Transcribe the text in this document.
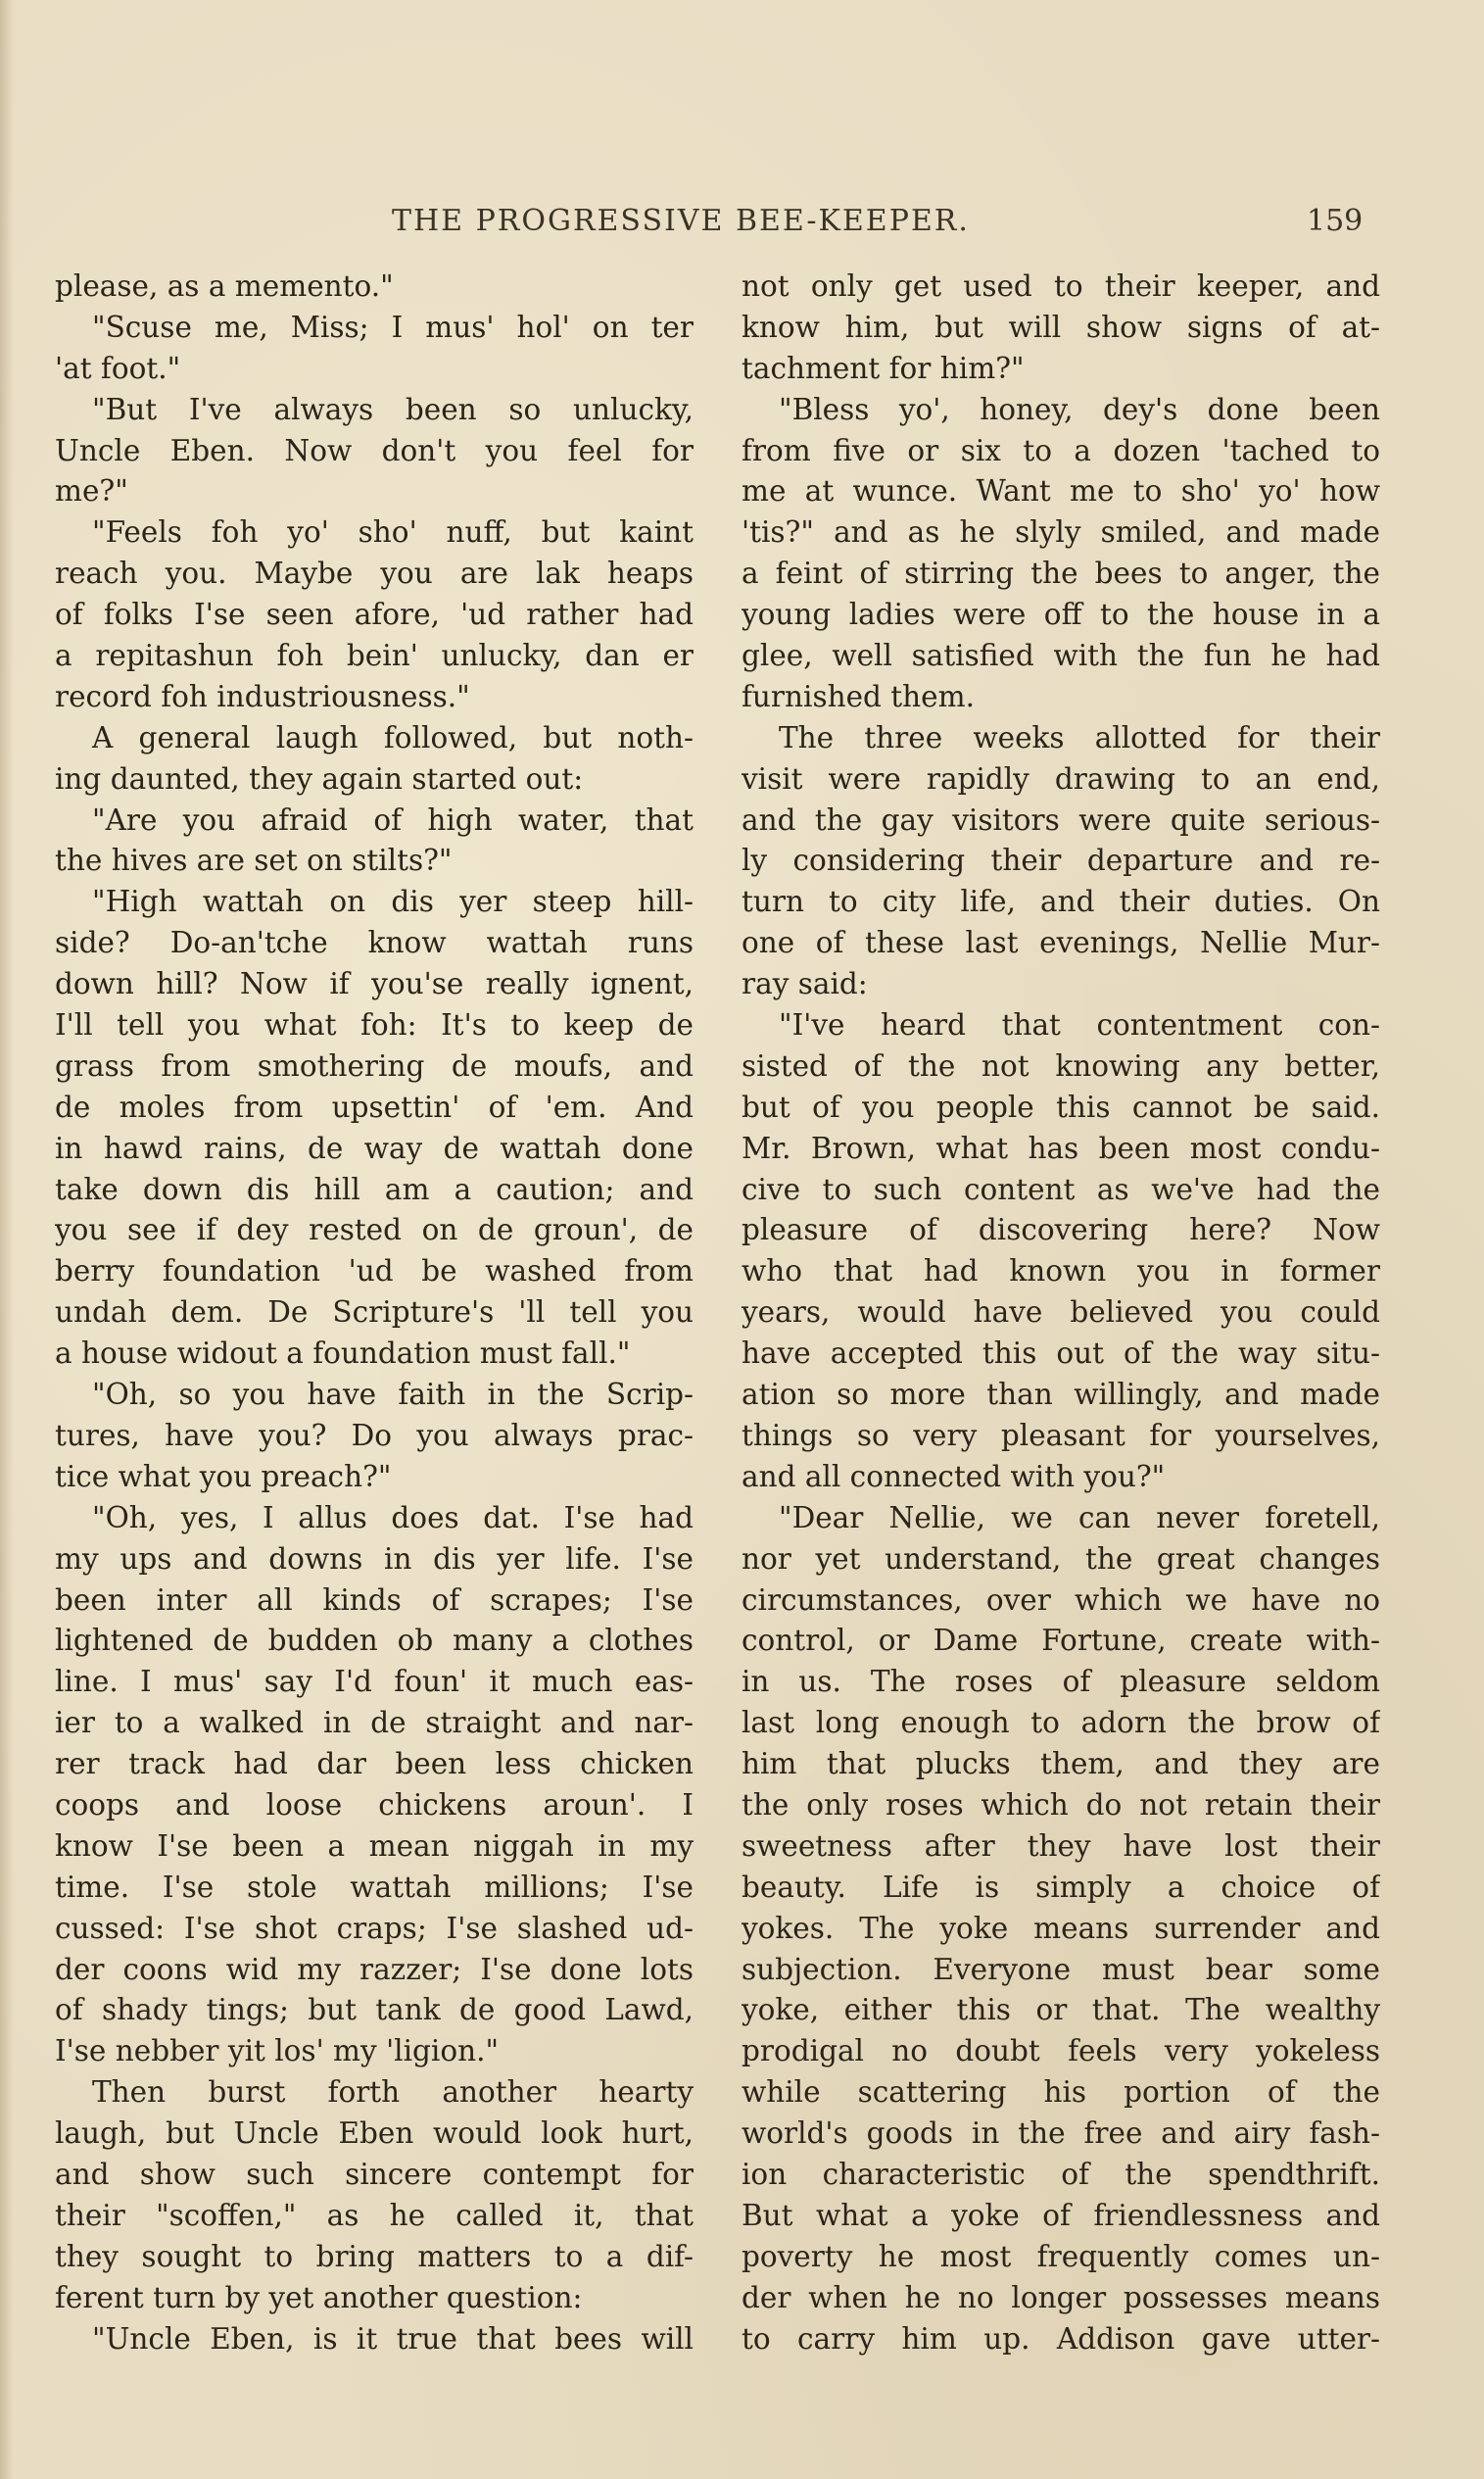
THE PROGRESSIVE BEE-KEEPER.	159
please, as a memento."
"Scuse me, Miss; I mus' hol' on ter
'at foot."
"But I've always been so unlucky,
Uncle Eben. Now don't you feel for
me?"
"Feels foh yo' sho' nuff, but kaint
reach you. Maybe you are lak heaps
of folks I'se seen afore, 'ud rather had
a repitashun foh bein' unlucky, dan er
record foh industriousness."
A general laugh followed, but noth-
ing daunted, they again started out:
"Are you afraid of high water, that
the hives are set on stilts?"
"High wattah on dis yer steep hill-
side? Do-an'tche know wattah runs
down hill? Now if you'se really ignent,
I'll tell you what foh: It's to keep de
grass from smothering de moufs, and
de moles from upsettin' of 'em. And
in hawd rains, de way de wattah done
take down dis hill am a caution; and
you see if dey rested on de groun', de
berry foundation 'ud be washed from
undah dem. De Scripture's 'll tell you
a house widout a foundation must fall."
"Oh, so you have faith in the Scrip-
tures, have you? Do you always prac-
tice what you preach?"
"Oh, yes, I allus does dat. I'se had
my ups and downs in dis yer life. I'se
been inter all kinds of scrapes; I'se
lightened de budden ob many a clothes
line. I mus' say I'd foun' it much eas-
ier to a walked in de straight and nar-
rer track had dar been less chicken
coops and loose chickens aroun'. I
know I'se been a mean niggah in my
time. I'se stole wattah millions; I'se
cussed: I'se shot craps; I'se slashed ud-
der coons wid my razzer; I'se done lots
of shady tings; but tank de good Lawd,
I'se nebber yit los' my 'ligion."
Then burst forth another hearty
laugh, but Uncle Eben would look hurt,
and show such sincere contempt for
their "scoffen," as he called it, that
they sought to bring matters to a dif-
ferent turn by yet another question:
"Uncle Eben, is it true that bees will
not only get used to their keeper, and
know him, but will show signs of at-
tachment for him?"
"Bless yo', honey, dey's done been
from five or six to a dozen 'tached to
me at wunce. Want me to sho' yo' how
'tis?" and as he slyly smiled, and made
a feint of stirring the bees to anger, the
young ladies were off to the house in a
glee, well satisfied with the fun he had
furnished them.
The three weeks allotted for their
visit were rapidly drawing to an end,
and the gay visitors were quite serious-
ly considering their departure and re-
turn to city life, and their duties. On
one of these last evenings, Nellie Mur-
ray said:
"I've heard that contentment con-
sisted of the not knowing any better,
but of you people this cannot be said.
Mr. Brown, what has been most condu-
cive to such content as we've had the
pleasure of discovering here? Now
who that had known you in former
years, would have believed you could
have accepted this out of the way situ-
ation so more than willingly, and made
things so very pleasant for yourselves,
and all connected with you?"
"Dear Nellie, we can never foretell,
nor yet understand, the great changes
circumstances, over which we have no
control, or Dame Fortune, create with-
in us. The roses of pleasure seldom
last long enough to adorn the brow of
him that plucks them, and they are
the only roses which do not retain their
sweetness after they have lost their
beauty. Life is simply a choice of
yokes. The yoke means surrender and
subjection. Everyone must bear some
yoke, either this or that. The wealthy
prodigal no doubt feels very yokeless
while scattering his portion of the
world's goods in the free and airy fash-
ion characteristic of the spendthrift.
But what a yoke of friendlessness and
poverty he most frequently comes un-
der when he no longer possesses means
to carry him up. Addison gave utter-
